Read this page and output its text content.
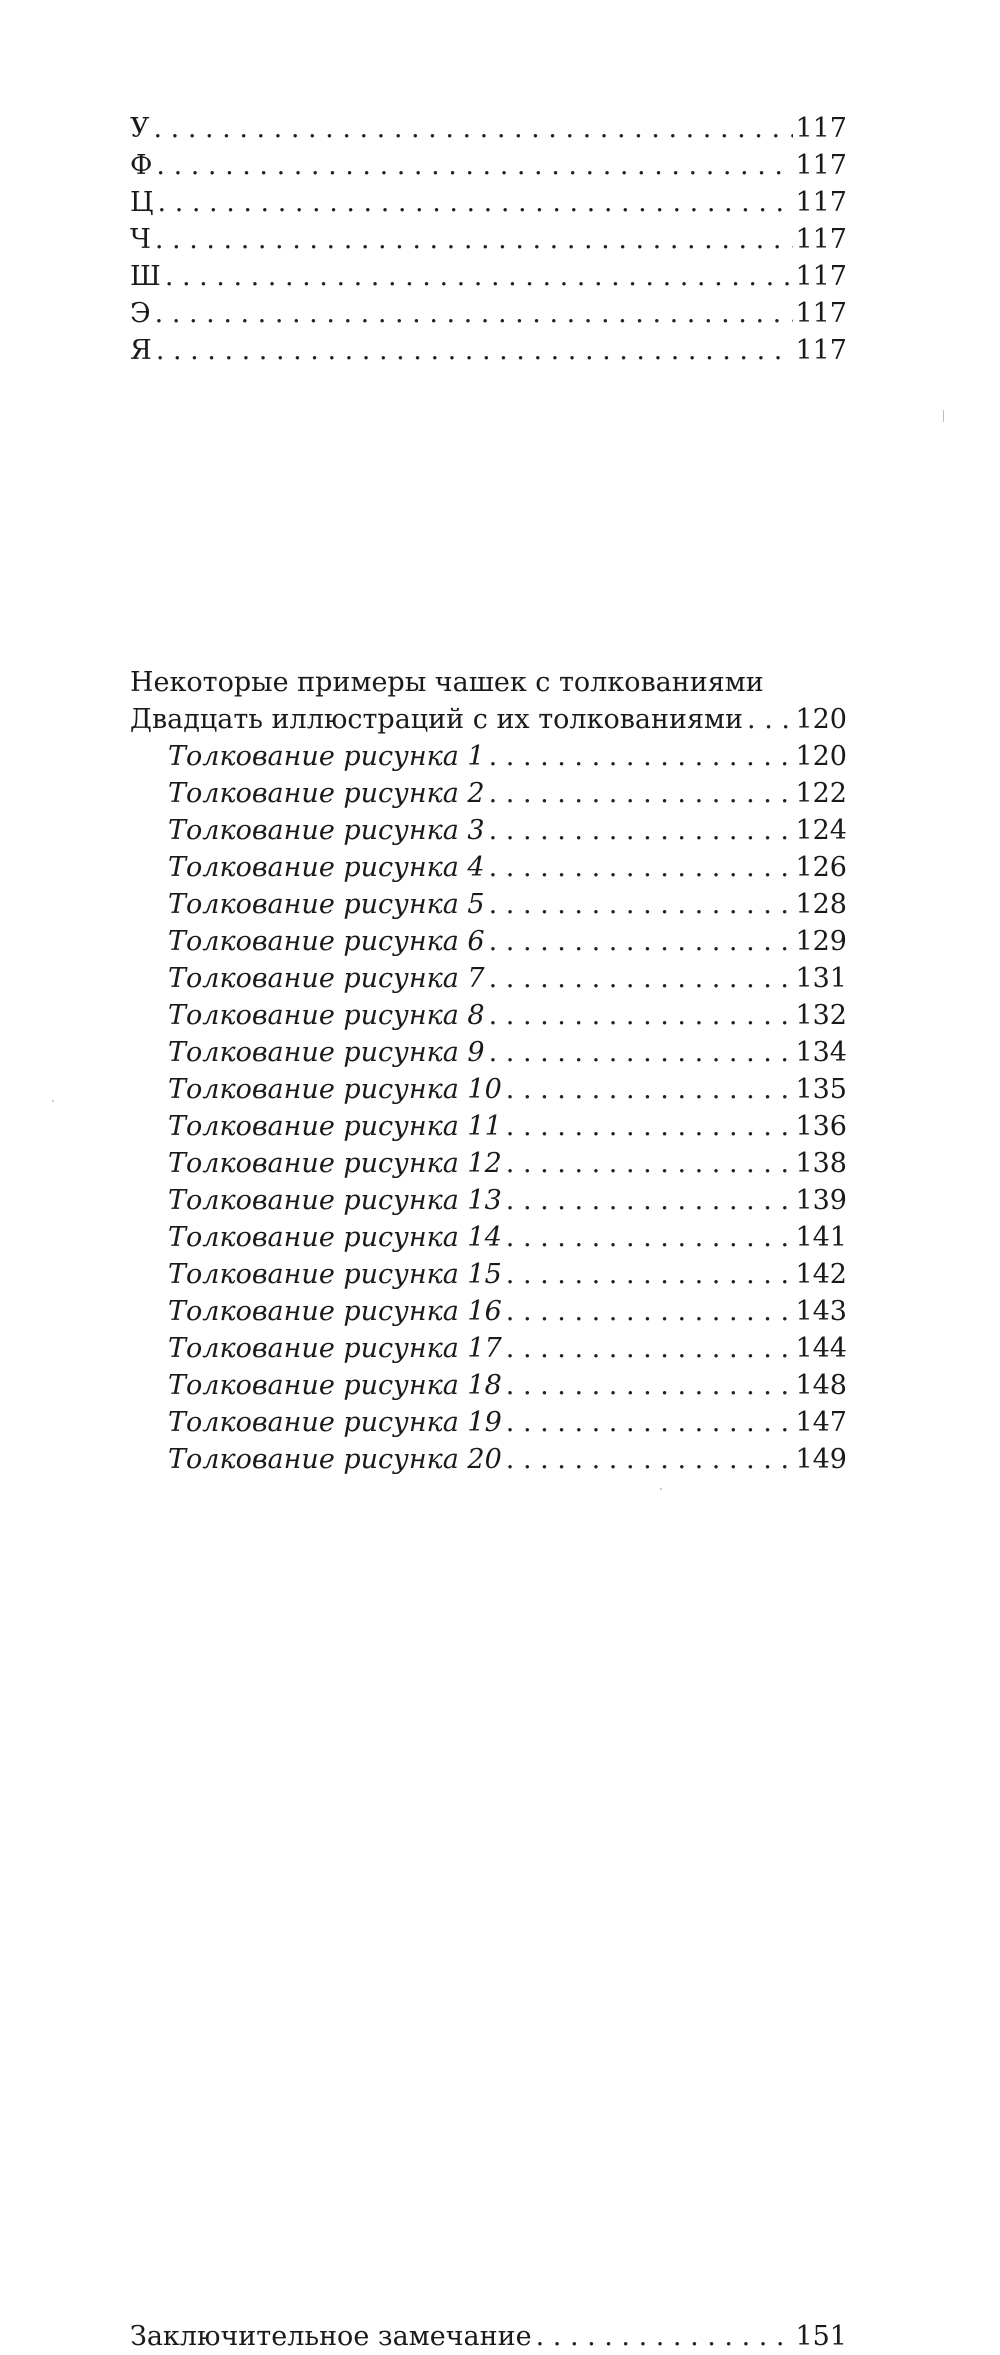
У . . .	117
Ф . . .	117
Ц . . .	117
Ч . . .	117
Ш . . .	117
Э . . .	117
Я . . .	117
Некоторые примеры чашек с толкованиями
Двадцать иллюстраций с их толкованиями . . . 120
Толкование рисунка 1 . . .	120
Толкование рисунка 2 . . .	122
Толкование рисунка 3 . . .	124
Толкование рисунка 4 . . .	126
Толкование рисунка 5 . . .	128
Толкование рисунка 6 . . .	129
Толкование рисунка 7 . . .	131
Толкование рисунка 8 . . .	132
Толкование рисунка 9 . . .	134
Толкование рисунка 10 . . .	135
Толкование рисунка 11 . . .	136
Толкование рисунка 12 . . .	138
Толкование рисунка 13 . . .	139
Толкование рисунка 14 . . .	141
Толкование рисунка 15 . . .	142
Толкование рисунка 16 . . .	143
Толкование рисунка 17 . . .	144
Толкование рисунка 18 . . .	148
Толкование рисунка 19 . . .	147
Толкование рисунка 20 . . .	149
Заключительное замечание . . .	151
